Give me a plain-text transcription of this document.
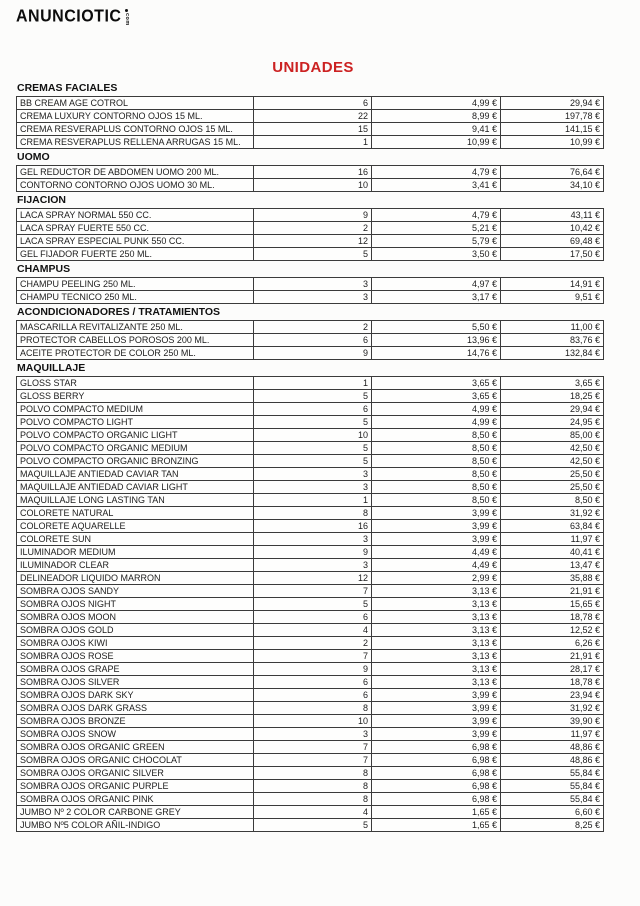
ANUNCIOTIC com
UNIDADES
CREMAS FACIALES
BB CREAM AGE COTROL	6	4,99 €	29,94 €
CREMA LUXURY CONTORNO OJOS 15 ML.	22	8,99 €	197,78 €
CREMA RESVERAPLUS CONTORNO OJOS 15 ML.	15	9,41 €	141,15 €
CREMA RESVERAPLUS RELLENA ARRUGAS 15 ML.	1	10,99 €	10,99 €
UOMO
GEL REDUCTOR DE ABDOMEN UOMO 200 ML.	16	4,79 €	76,64 €
CONTORNO CONTORNO OJOS UOMO 30 ML.	10	3,41 €	34,10 €
FIJACION
LACA SPRAY NORMAL 550 CC.	9	4,79 €	43,11 €
LACA SPRAY FUERTE 550 CC.	2	5,21 €	10,42 €
LACA SPRAY ESPECIAL PUNK 550 CC.	12	5,79 €	69,48 €
GEL FIJADOR FUERTE 250 ML.	5	3,50 €	17,50 €
CHAMPUS
CHAMPU PEELING 250 ML.	3	4,97 €	14,91 €
CHAMPU TECNICO 250 ML.	3	3,17 €	9,51 €
ACONDICIONADORES / TRATAMIENTOS
MASCARILLA REVITALIZANTE 250 ML.	2	5,50 €	11,00 €
PROTECTOR CABELLOS POROSOS 200 ML.	6	13,96 €	83,76 €
ACEITE PROTECTOR DE COLOR 250 ML.	9	14,76 €	132,84 €
MAQUILLAJE
GLOSS STAR	1	3,65 €	3,65 €
GLOSS BERRY	5	3,65 €	18,25 €
POLVO COMPACTO MEDIUM	6	4,99 €	29,94 €
POLVO COMPACTO LIGHT	5	4,99 €	24,95 €
POLVO COMPACTO ORGANIC LIGHT	10	8,50 €	85,00 €
POLVO COMPACTO ORGANIC MEDIUM	5	8,50 €	42,50 €
POLVO COMPACTO ORGANIC BRONZING	5	8,50 €	42,50 €
MAQUILLAJE ANTIEDAD CAVIAR TAN	3	8,50 €	25,50 €
MAQUILLAJE ANTIEDAD CAVIAR LIGHT	3	8,50 €	25,50 €
MAQUILLAJE LONG LASTING TAN	1	8,50 €	8,50 €
COLORETE NATURAL	8	3,99 €	31,92 €
COLORETE AQUARELLE	16	3,99 €	63,84 €
COLORETE SUN	3	3,99 €	11,97 €
ILUMINADOR MEDIUM	9	4,49 €	40,41 €
ILUMINADOR CLEAR	3	4,49 €	13,47 €
DELINEADOR LIQUIDO MARRON	12	2,99 €	35,88 €
SOMBRA OJOS SANDY	7	3,13 €	21,91 €
SOMBRA OJOS NIGHT	5	3,13 €	15,65 €
SOMBRA OJOS MOON	6	3,13 €	18,78 €
SOMBRA OJOS GOLD	4	3,13 €	12,52 €
SOMBRA OJOS KIWI	2	3,13 €	6,26 €
SOMBRA OJOS ROSE	7	3,13 €	21,91 €
SOMBRA OJOS GRAPE	9	3,13 €	28,17 €
SOMBRA OJOS SILVER	6	3,13 €	18,78 €
SOMBRA OJOS DARK SKY	6	3,99 €	23,94 €
SOMBRA OJOS DARK GRASS	8	3,99 €	31,92 €
SOMBRA OJOS BRONZE	10	3,99 €	39,90 €
SOMBRA OJOS SNOW	3	3,99 €	11,97 €
SOMBRA OJOS ORGANIC GREEN	7	6,98 €	48,86 €
SOMBRA OJOS ORGANIC CHOCOLAT	7	6,98 €	48,86 €
SOMBRA OJOS ORGANIC SILVER	8	6,98 €	55,84 €
SOMBRA OJOS ORGANIC PURPLE	8	6,98 €	55,84 €
SOMBRA OJOS ORGANIC PINK	8	6,98 €	55,84 €
JUMBO Nº 2 COLOR CARBONE GREY	4	1,65 €	6,60 €
JUMBO Nº5 COLOR AÑIL-INDIGO	5	1,65 €	8,25 €
